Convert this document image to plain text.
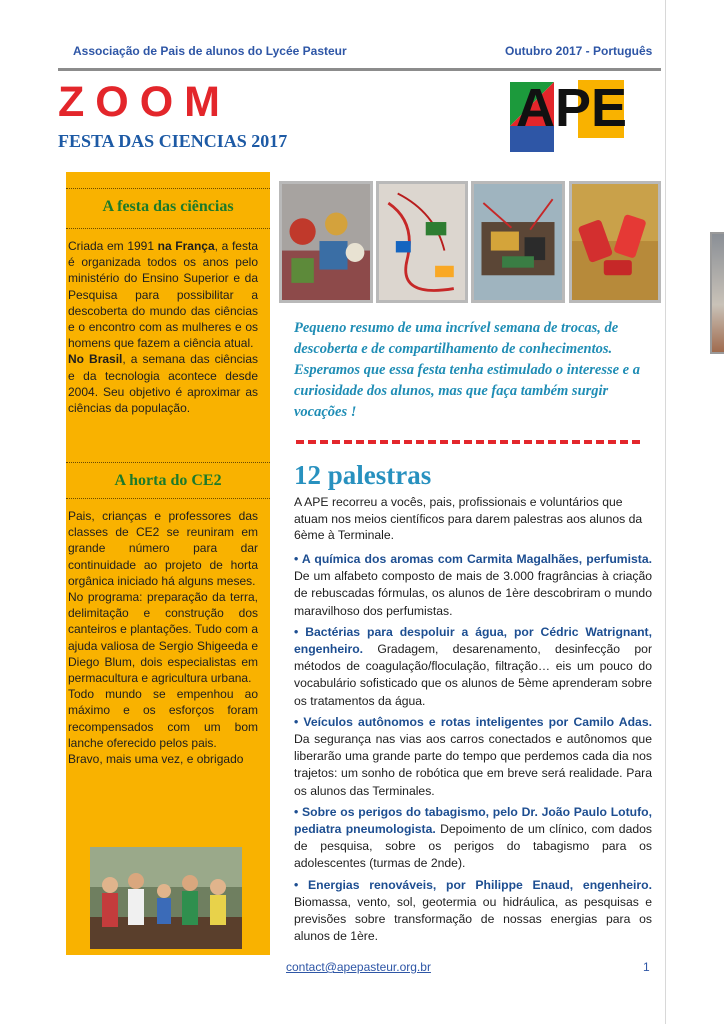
Associação de Pais de alunos do Lycée Pasteur	Outubro 2017 - Português
ZOOM
FESTA DAS CIENCIAS 2017
APE
A festa das ciências

Criada em 1991 na França, a festa é organizada todos os anos pelo ministério do Ensino Superior e da Pesquisa para possibilitar a descoberta do mundo das ciências e o encontro com as mulheres e os homens que fazem a ciência atual.

No Brasil, a semana das ciências e da tecnologia acontece desde 2004. Seu objetivo é aproximar as ciências da população.

A horta do CE2

Pais, crianças e professores das classes de CE2 se reuniram em grande número para dar continuidade ao projeto de horta orgânica iniciado há alguns meses.

No programa: preparação da terra, delimitação e construção dos canteiros e plantações. Tudo com a ajuda valiosa de Sergio Shigeeda e Diego Blum, dois especialistas em permacultura e agricultura urbana.

Todo mundo se empenhou ao máximo e os esforços foram recompensados com um bom lanche oferecido pelos pais.

Bravo, mais uma vez, e obrigado

Pequeno resumo de uma incrível semana de trocas, de descoberta e de compartilhamento de conhecimentos. Esperamos que essa festa tenha estimulado o interesse e a curiosidade dos alunos, mas que faça também surgir vocações !
12 palestras
A APE recorreu a vocês, pais, profissionais e voluntários que atuam nos meios científicos para darem palestras aos alunos da 6ème à Terminale.
• A química dos aromas com Carmita Magalhães, perfumista. De um alfabeto composto de mais de 3.000 fragrâncias à criação de rebuscadas fórmulas, os alunos de 1ère descobriram o mundo maravilhoso dos perfumistas.
• Bactérias para despoluir a água, por Cédric Watrignant, engenheiro. Gradagem, desarenamento, desinfecção por métodos de coagulação/floculação, filtração… eis um pouco do vocabulário sofisticado que os alunos de 5ème aprenderam sobre os tratamentos da água.
• Veículos autônomos e rotas inteligentes por Camilo Adas. Da segurança nas vias aos carros conectados e autônomos que liberarão uma grande parte do tempo que perdemos cada dia nos trajetos: um sonho de robótica que em breve será realidade. Para os alunos das Terminales.
• Sobre os perigos do tabagismo, pelo Dr. João Paulo Lotufo, pediatra pneumologista. Depoimento de um clínico, com dados de pesquisa, sobre os perigos do tabagismo para os adolescentes (turmas de 2nde).
• Energias renováveis, por Philippe Enaud, engenheiro. Biomassa, vento, sol, geotermia ou hidráulica, as pesquisas e previsões sobre transformação de nossas energias para os alunos de 1ère.
contact@apepasteur.org.br	1
